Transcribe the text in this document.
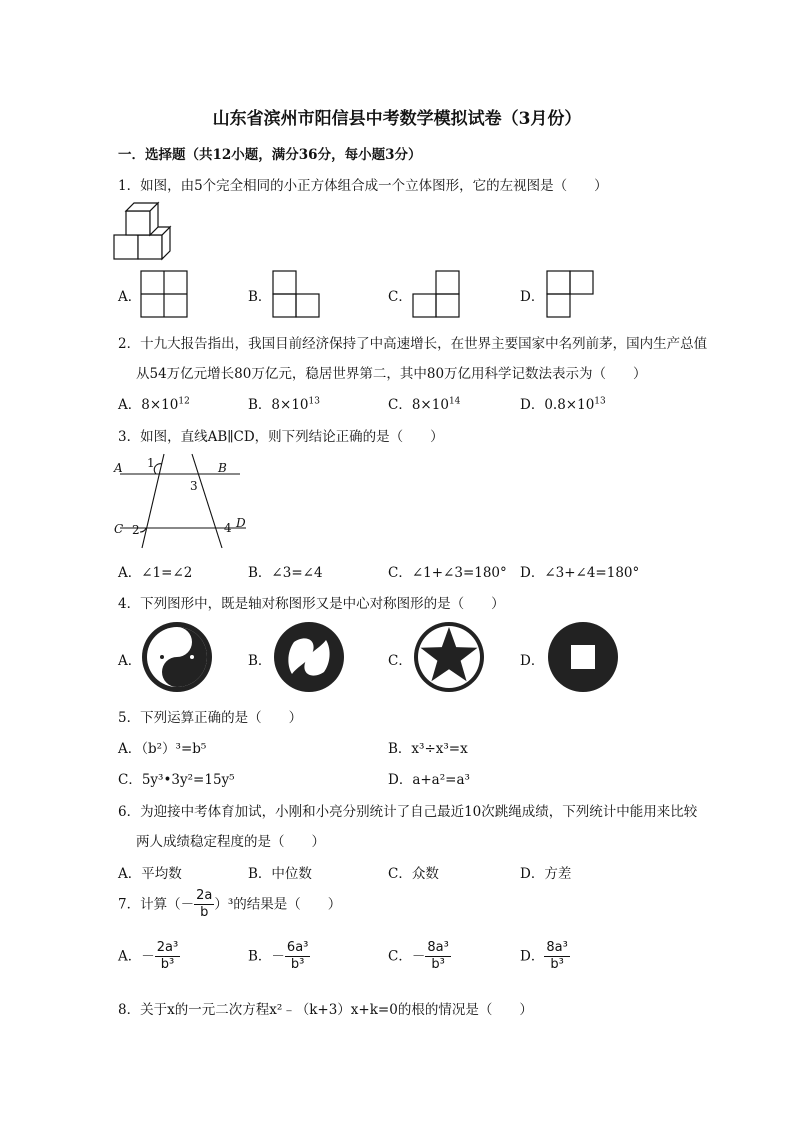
山东省滨州市阳信县中考数学模拟试卷（3月份）
一．选择题（共12小题，满分36分，每小题3分）
1．如图，由5个完全相同的小正方体组合成一个立体图形，它的左视图是（　　）
A．	B．	C．	D．
2．十九大报告指出，我国目前经济保持了中高速增长，在世界主要国家中名列前茅，国内生产总值
从54万亿元增长80万亿元，稳居世界第二，其中80万亿用科学记数法表示为（　　）
A．$8\times 10^{12}$	B．$8\times 10^{13}$	C．$8\times 10^{14}$	D．$0.8\times 10^{13}$
3．如图，直线AB∥CD，则下列结论正确的是（　　）
A	B
C	D
1
2
3
4
A．∠1=∠2	B．∠3=∠4	C．∠1+∠3=180° D．∠3+∠4=180°
4．下列图形中，既是轴对称图形又是中心对称图形的是（　　）
A．	B．	C．	D．
5．下列运算正确的是（　　）
A．（b²）³=b⁵	B．x³÷x³=x
C．5y³•3y²=15y⁵	D．a+a²=a³
6．为迎接中考体育加试，小刚和小亮分别统计了自己最近10次跳绳成绩，下列统计中能用来比较
两人成绩稳定程度的是（　　）
A．平均数	B．中位数	C．众数	D．方差
7．计算（－ $\frac{2a}{b} )^3$的结果是（　　）
A．－ $\frac{\text{2a³}}{\text{b³}}$	B．－ $\frac{\text{6a³}}{\text{b³}}$	C．－ $\frac{\text{8a³}}{\text{b³}}$	D． $\frac{\text{8a³}}{\text{b³}}$
8．关于x的一元二次方程x²﹣（k+3）x+k=0的根的情况是（　　）
